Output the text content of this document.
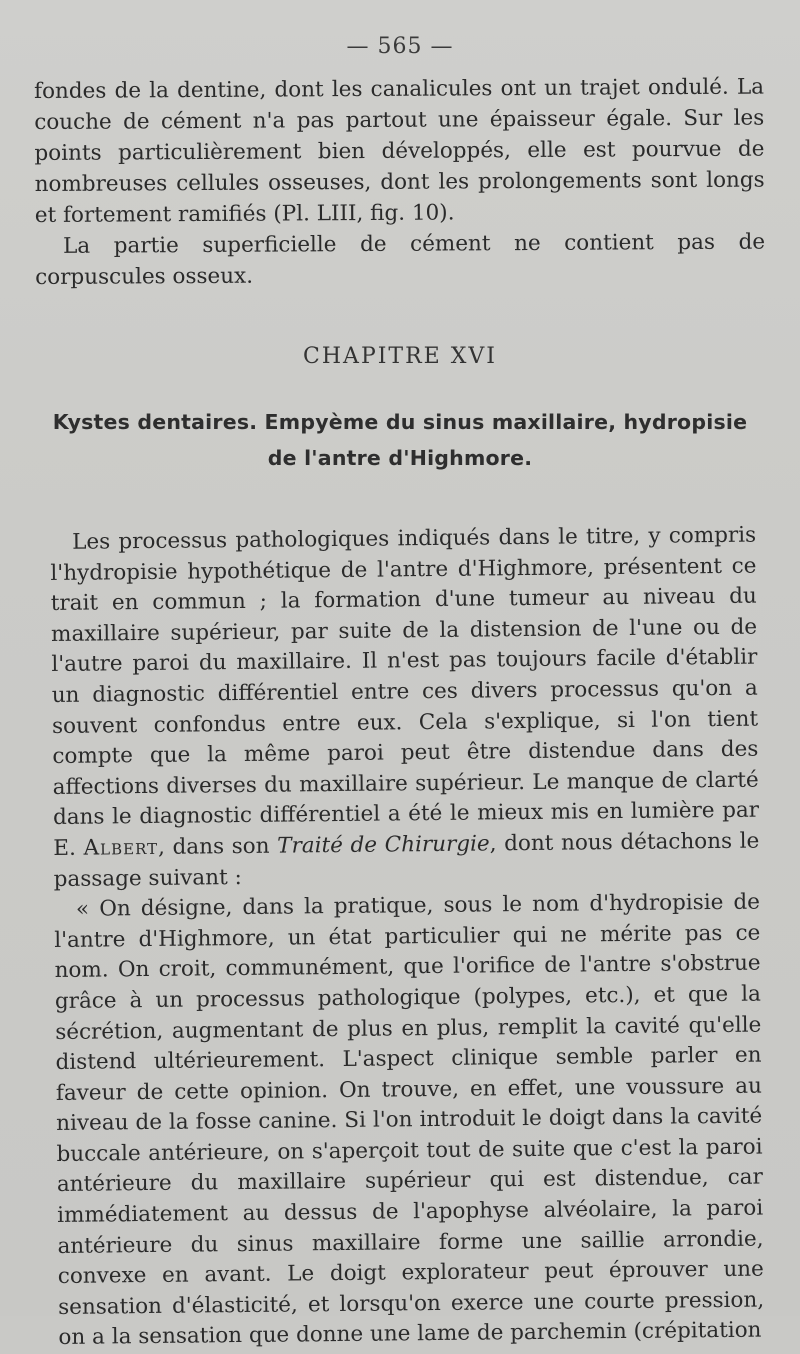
— 565 —

fondes de la dentine, dont les canalicules ont un trajet ondulé. La couche de cément n'a pas partout une épaisseur égale. Sur les points particulièrement bien développés, elle est pourvue de nombreuses cellules osseuses, dont les prolongements sont longs et fortement ramifiés (Pl. LIII, fig. 10).

La partie superficielle de cément ne contient pas de corpuscules osseux.

CHAPITRE XVI
Kystes dentaires. Empyème du sinus maxillaire, hydropisie de l'antre d'Highmore.

Les processus pathologiques indiqués dans le titre, y compris l'hydropisie hypothétique de l'antre d'Highmore, présentent ce trait en commun ; la formation d'une tumeur au niveau du maxillaire supérieur, par suite de la distension de l'une ou de l'autre paroi du maxillaire. Il n'est pas toujours facile d'établir un diagnostic différentiel entre ces divers processus qu'on a souvent confondus entre eux. Cela s'explique, si l'on tient compte que la même paroi peut être distendue dans des affections diverses du maxillaire supérieur. Le manque de clarté dans le diagnostic différentiel a été le mieux mis en lumière par E. Albert, dans son Traité de Chirurgie, dont nous détachons le passage suivant :

« On désigne, dans la pratique, sous le nom d'hydropisie de l'antre d'Highmore, un état particulier qui ne mérite pas ce nom. On croit, communément, que l'orifice de l'antre s'obstrue grâce à un processus pathologique (polypes, etc.), et que la sécrétion, augmentant de plus en plus, remplit la cavité qu'elle distend ultérieurement. L'aspect clinique semble parler en faveur de cette opinion. On trouve, en effet, une voussure au niveau de la fosse canine. Si l'on introduit le doigt dans la cavité buccale antérieure, on s'aperçoit tout de suite que c'est la paroi antérieure du maxillaire supérieur qui est distendue, car immédiatement au dessus de l'apophyse alvéolaire, la paroi antérieure du sinus maxillaire forme une saillie arrondie, convexe en avant. Le doigt explorateur peut éprouver une sensation d'élasticité, et lorsqu'on exerce une courte pression, on a la sensation que donne une lame de parchemin (crépitation
